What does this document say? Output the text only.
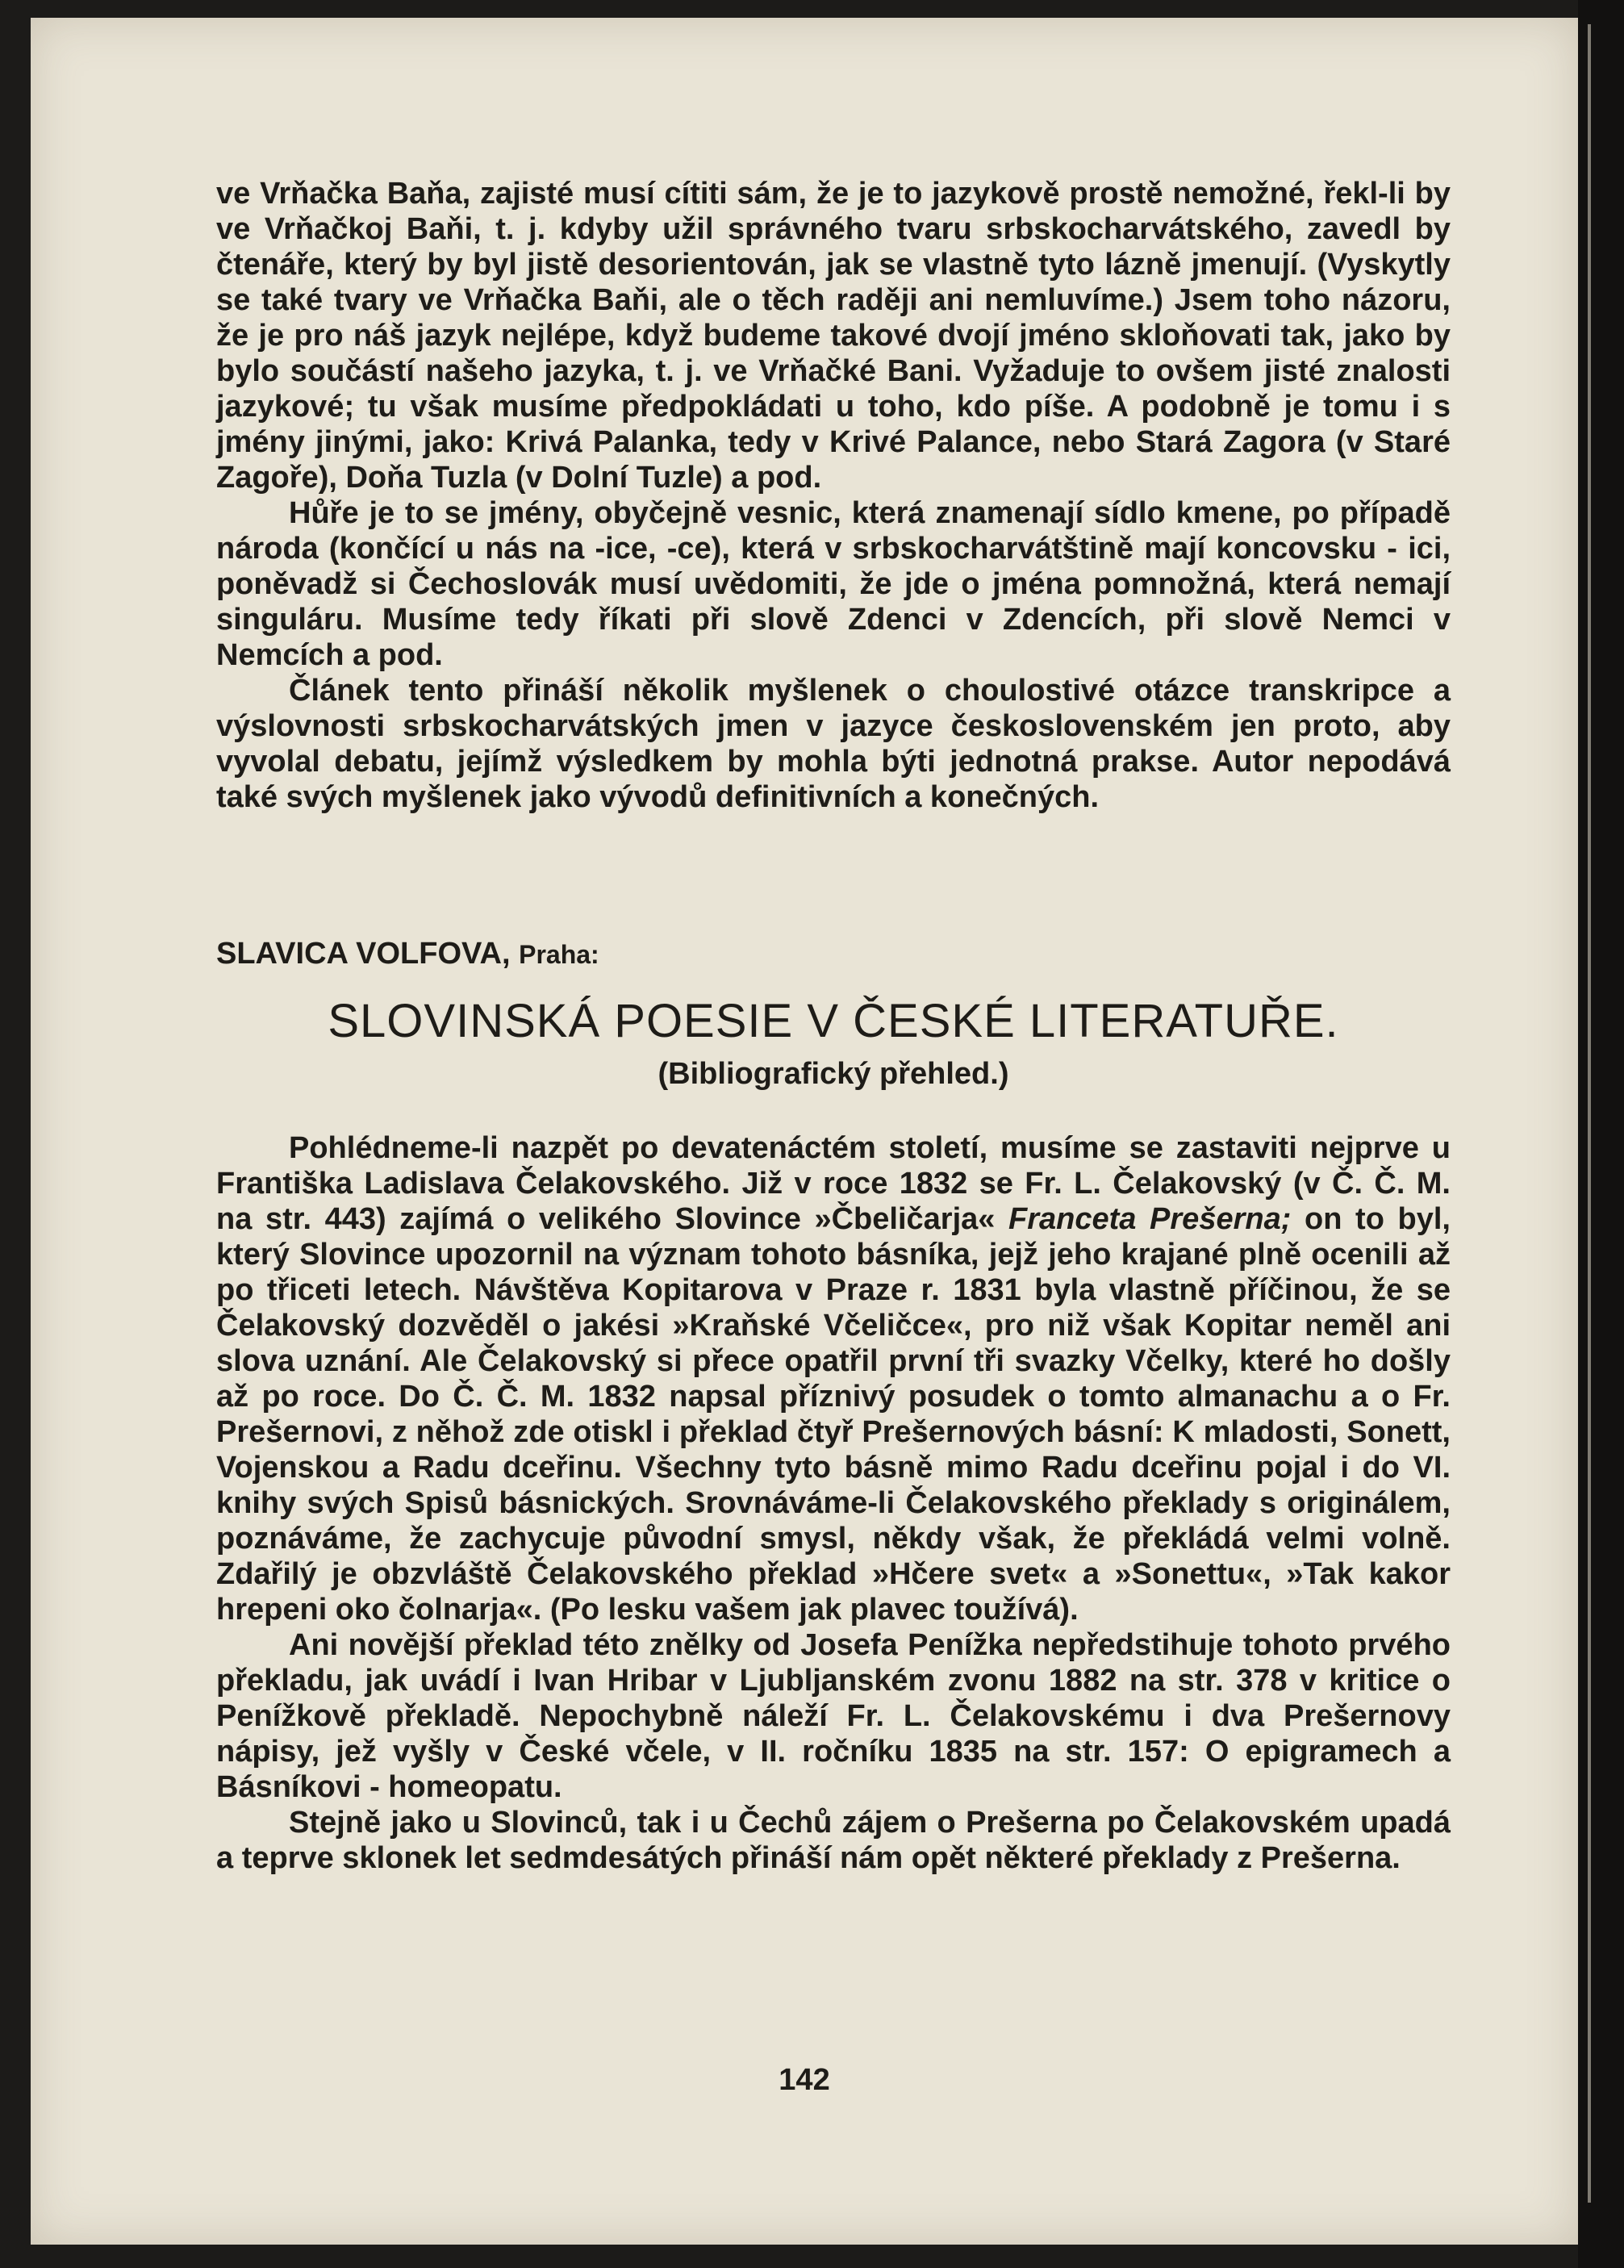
ve Vrňačka Baňa, zajisté musí cítiti sám, že je to jazykově prostě nemožné, řekl-li by ve Vrňačkoj Baňi, t. j. kdyby užil správného tvaru srbskocharvátského, zavedl by čtenáře, který by byl jistě desorientován, jak se vlastně tyto lázně jmenují. (Vyskytly se také tvary ve Vrňačka Baňi, ale o těch raději ani nemluvíme.) Jsem toho názoru, že je pro náš jazyk nejlépe, když budeme takové dvojí jméno skloňovati tak, jako by bylo součástí našeho jazyka, t. j. ve Vrňačké Bani. Vyžaduje to ovšem jisté znalosti jazykové; tu však musíme předpokládati u toho, kdo píše. A podobně je tomu i s jmény jinými, jako: Krivá Palanka, tedy v Krivé Palance, nebo Stará Zagora (v Staré Zagoře), Doňa Tuzla (v Dolní Tuzle) a pod.

Hůře je to se jmény, obyčejně vesnic, která znamenají sídlo kmene, po případě národa (končící u nás na -ice, -ce), která v srbskocharvátštině mají koncovsku - ici, poněvadž si Čechoslovák musí uvědomiti, že jde o jména pomnožná, která nemají singuláru. Musíme tedy říkati při slově Zdenci v Zdencích, při slově Nemci v Nemcích a pod.

Článek tento přináší několik myšlenek o choulostivé otázce transkripce a výslovnosti srbskocharvátských jmen v jazyce československém jen proto, aby vyvolal debatu, jejímž výsledkem by mohla býti jednotná prakse. Autor nepodává také svých myšlenek jako vývodů definitivních a konečných.

SLAVICA VOLFOVA, Praha:
SLOVINSKÁ POESIE V ČESKÉ LITERATUŘE.
(Bibliografický přehled.)

Pohlédneme-li nazpět po devatenáctém století, musíme se zastaviti nejprve u Františka Ladislava Čelakovského. Již v roce 1832 se Fr. L. Čelakovský (v Č. Č. M. na str. 443) zajímá o velikého Slovince »Čbeličarja« Franceta Prešerna; on to byl, který Slovince upozornil na význam tohoto básníka, jejž jeho krajané plně ocenili až po třiceti letech. Návštěva Kopitarova v Praze r. 1831 byla vlastně příčinou, že se Čelakovský dozvěděl o jakési »Kraňské Včeličce«, pro niž však Kopitar neměl ani slova uznání. Ale Čelakovský si přece opatřil první tři svazky Včelky, které ho došly až po roce. Do Č. Č. M. 1832 napsal příznivý posudek o tomto almanachu a o Fr. Prešernovi, z něhož zde otiskl i překlad čtyř Prešernových básní: K mladosti, Sonett, Vojenskou a Radu dceřinu. Všechny tyto básně mimo Radu dceřinu pojal i do VI. knihy svých Spisů básnických. Srovnáváme-li Čelakovského překlady s originálem, poznáváme, že zachycuje původní smysl, někdy však, že překládá velmi volně. Zdařilý je obzvláště Čelakovského překlad »Hčere svet« a »Sonettu«, »Tak kakor hrepeni oko čolnarja«. (Po lesku vašem jak plavec toužívá).

Ani novější překlad této znělky od Josefa Penížka nepředstihuje tohoto prvého překladu, jak uvádí i Ivan Hribar v Ljubljanském zvonu 1882 na str. 378 v kritice o Penížkově překladě. Nepochybně náleží Fr. L. Čelakovskému i dva Prešernovy nápisy, jež vyšly v České včele, v II. ročníku 1835 na str. 157: O epigramech a Básníkovi - homeopatu.

Stejně jako u Slovinců, tak i u Čechů zájem o Prešerna po Čelakovském upadá a teprve sklonek let sedmdesátých přináší nám opět některé překlady z Prešerna.

142
